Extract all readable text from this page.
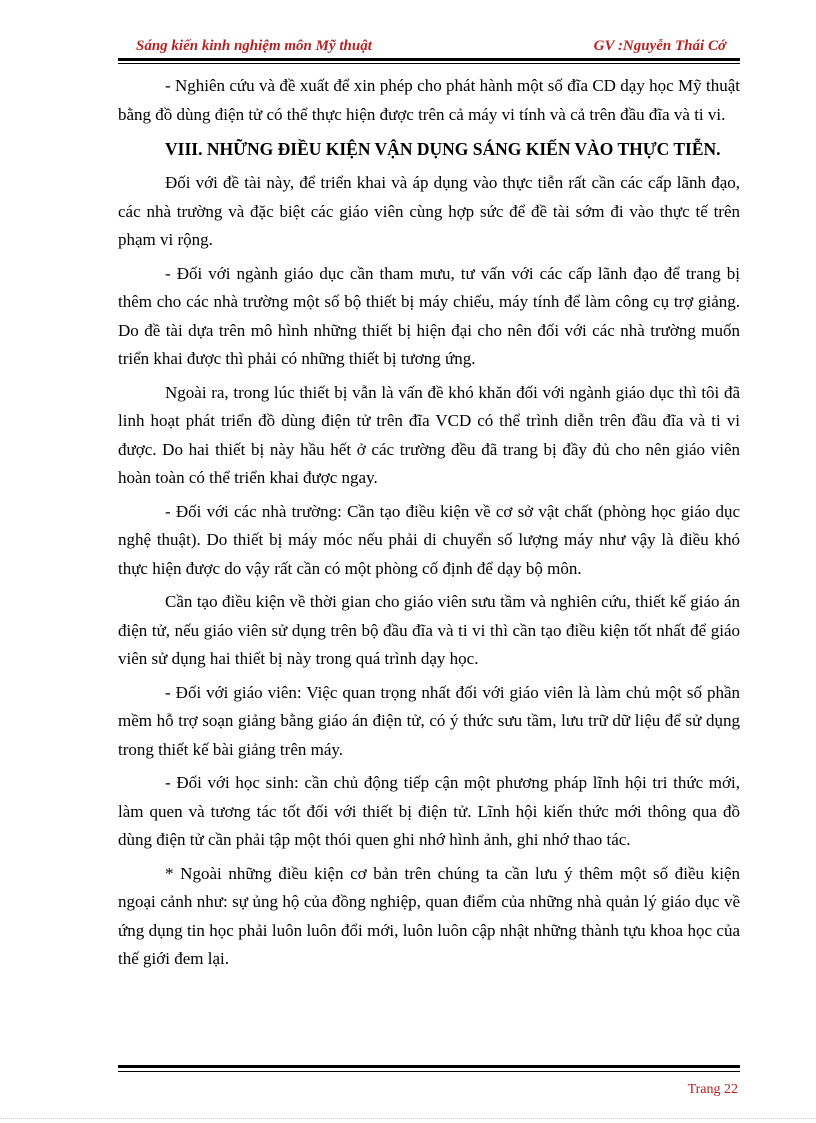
Sáng kiến kinh nghiệm môn Mỹ thuật	GV :Nguyễn Thái Cớ

- Nghiên cứu và đề xuất để xin phép cho phát hành một số đĩa CD dạy học Mỹ thuật bằng đồ dùng điện tử có thể thực hiện được trên cả máy vi tính và cả trên đầu đĩa và ti vi.

VIII. NHỮNG ĐIỀU KIỆN VẬN DỤNG SÁNG KIẾN VÀO THỰC TIỄN.

Đối với đề tài này, để triển khai và áp dụng vào thực tiễn rất cần các cấp lãnh đạo, các nhà trường và đặc biệt các giáo viên cùng hợp sức để đề tài sớm đi vào thực tế trên phạm vi rộng.

- Đối với ngành giáo dục cần tham mưu, tư vấn với các cấp lãnh đạo để trang bị thêm cho các nhà trường một số bộ thiết bị máy chiếu, máy tính để làm công cụ trợ giảng. Do đề tài dựa trên mô hình những thiết bị hiện đại cho nên đối với các nhà trường muốn triển khai được thì phải có những thiết bị tương ứng.

Ngoài ra, trong lúc thiết bị vẫn là vấn đề khó khăn đối với ngành giáo dục thì tôi đã linh hoạt phát triển đồ dùng điện tử trên đĩa VCD có thể trình diễn trên đầu đĩa và ti vi được. Do hai thiết bị này hầu hết ở các trường đều đã trang bị đầy đủ cho nên giáo viên hoàn toàn có thể triển khai được ngay.

- Đối với các nhà trường: Cần tạo điều kiện về cơ sở vật chất (phòng học giáo dục nghệ thuật). Do thiết bị máy móc nếu phải di chuyển số lượng máy như vậy là điều khó thực hiện được do vậy rất cần có một phòng cố định để dạy bộ môn.

Cần tạo điều kiện về thời gian cho giáo viên sưu tầm và nghiên cứu, thiết kế giáo án điện tử, nếu giáo viên sử dụng trên bộ đầu đĩa và ti vi thì cần tạo điều kiện tốt nhất để giáo viên sử dụng hai thiết bị này trong quá trình dạy học.

- Đối với giáo viên: Việc quan trọng nhất đối với giáo viên là làm chủ một số phần mềm hỗ trợ soạn giảng bằng giáo án điện tử, có ý thức sưu tầm, lưu trữ dữ liệu để sử dụng trong thiết kế bài giảng trên máy.

- Đối với học sinh: cần chủ động tiếp cận một phương pháp lĩnh hội tri thức mới, làm quen và tương tác tốt đối với thiết bị điện tử. Lĩnh hội kiến thức mới thông qua đồ dùng điện tử cần phải tập một thói quen ghi nhớ hình ảnh, ghi nhớ thao tác.

* Ngoài những điều kiện cơ bản trên chúng ta cần lưu ý thêm một số điều kiện ngoại cảnh như: sự ủng hộ của đồng nghiệp, quan điểm của những nhà quản lý giáo dục về ứng dụng tin học phải luôn luôn đổi mới, luôn luôn cập nhật những thành tựu khoa học của thế giới đem lại.

Trang 22
